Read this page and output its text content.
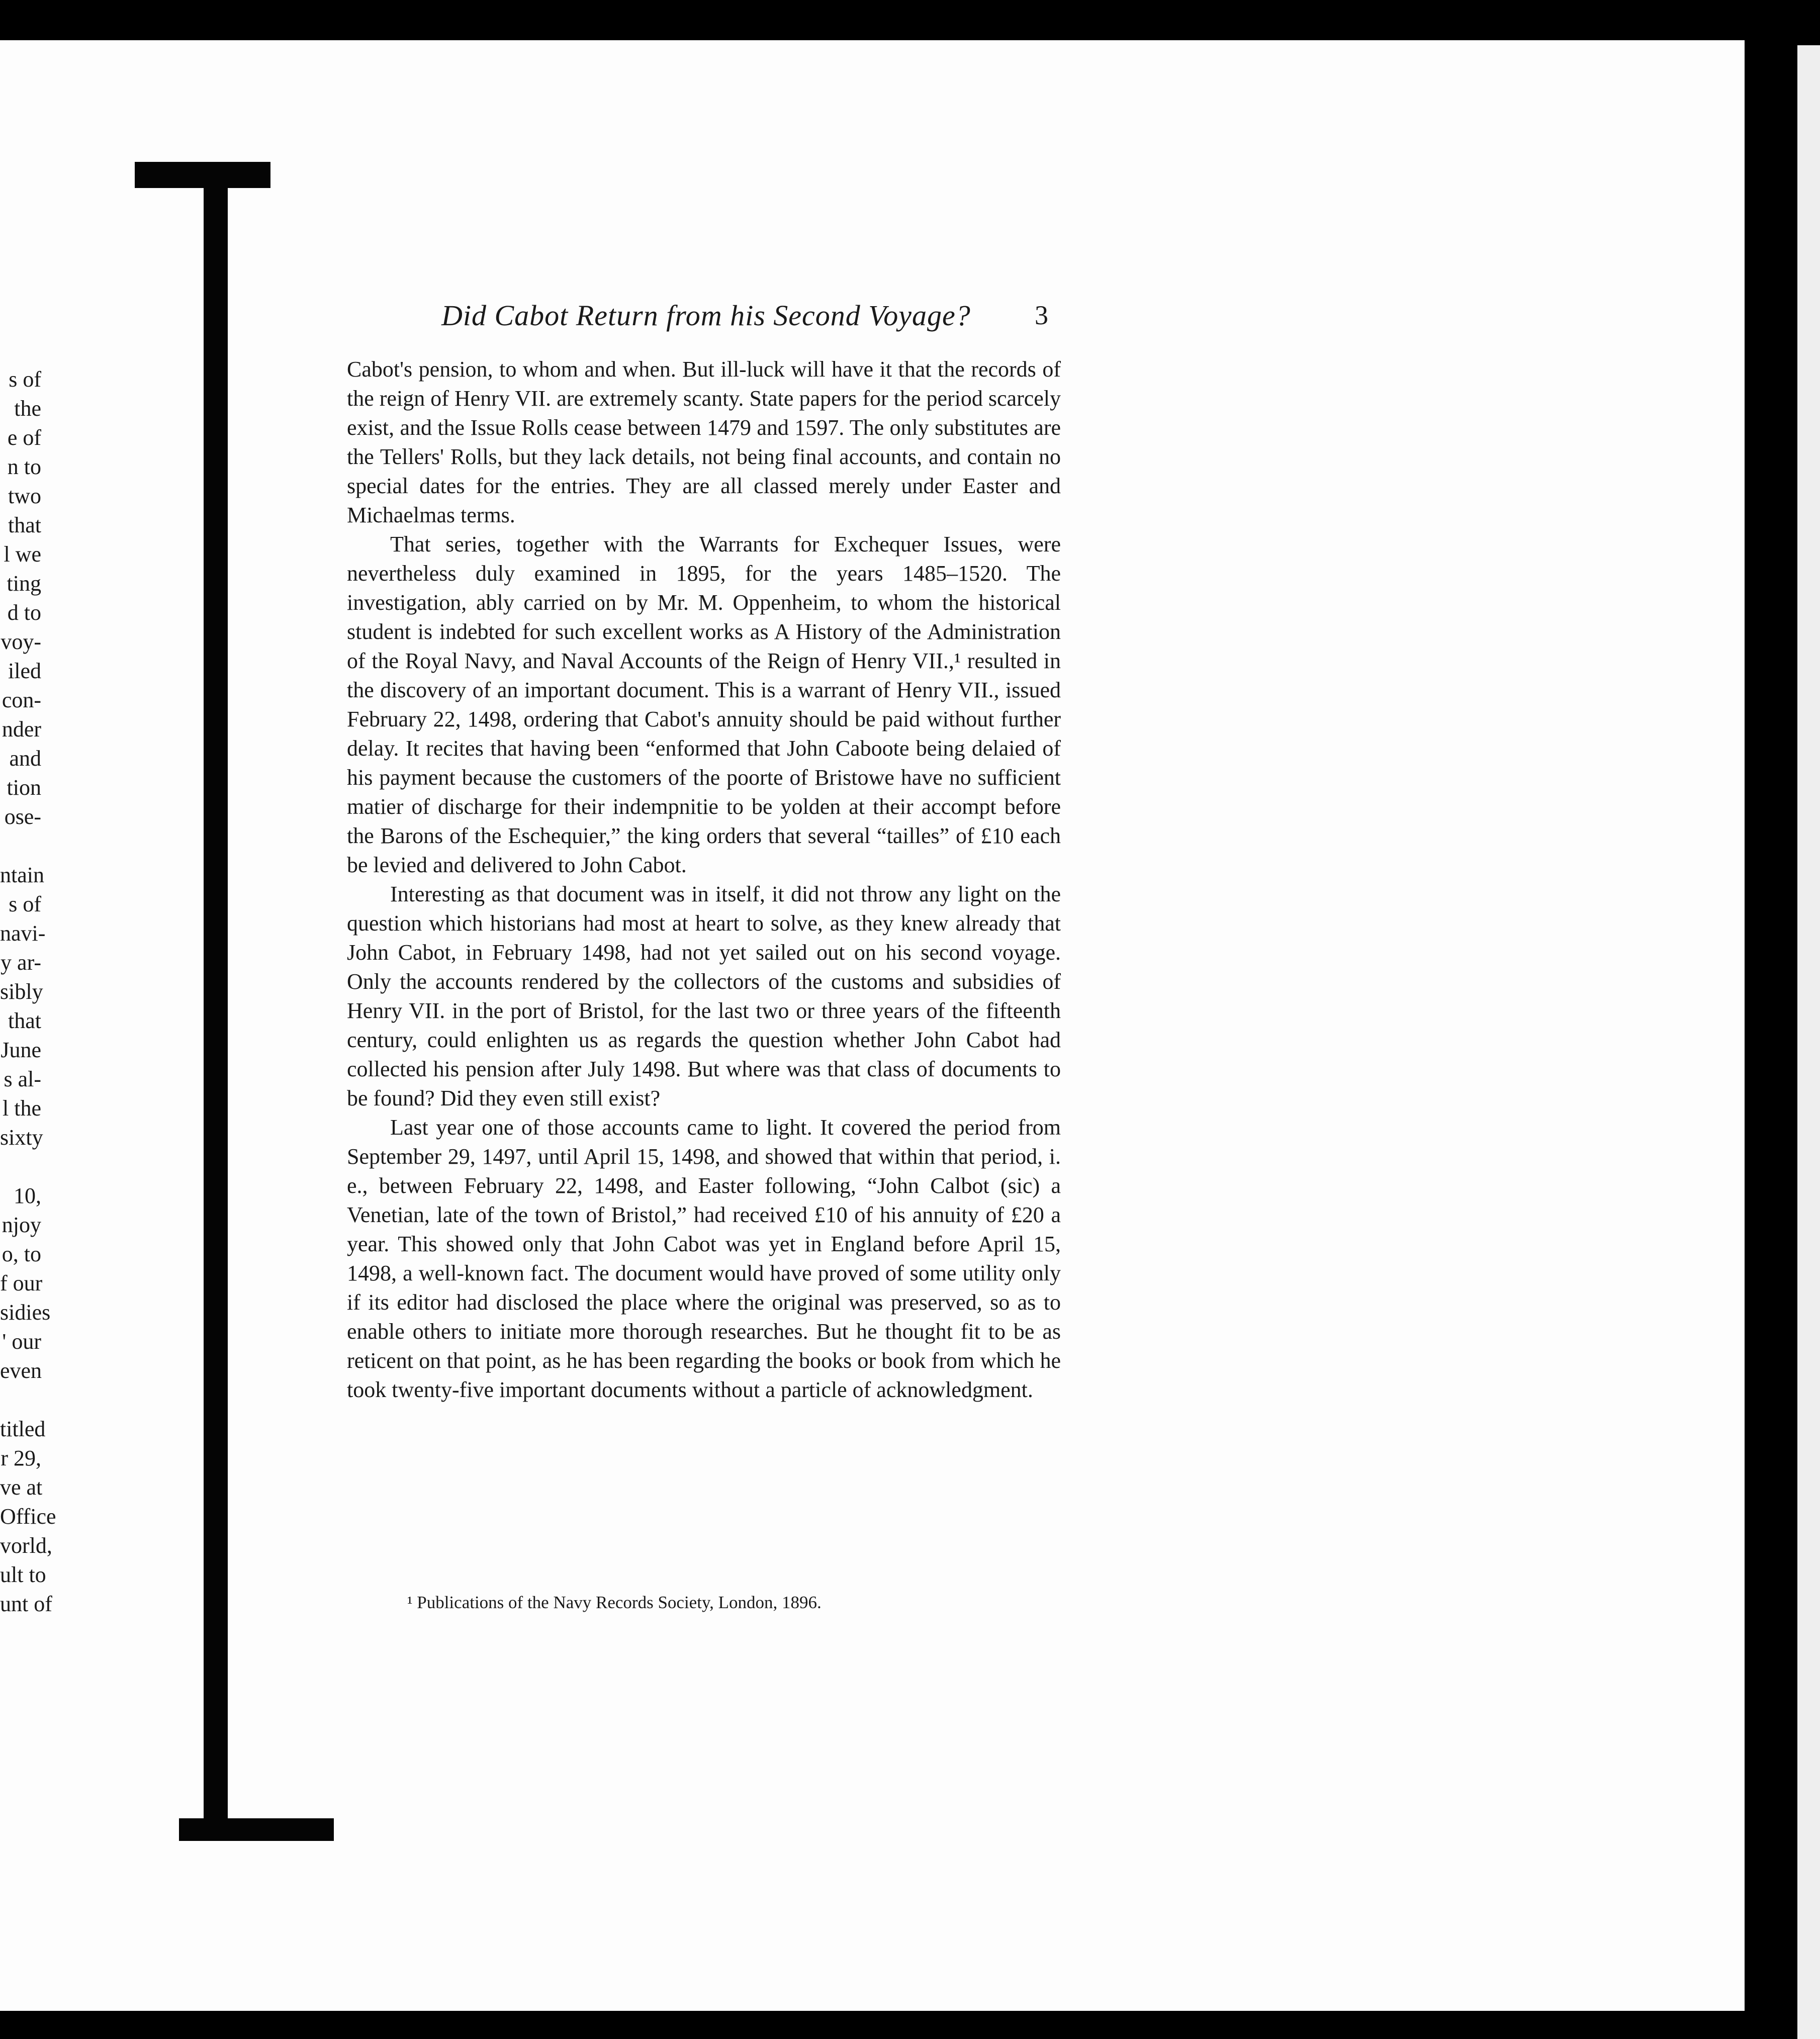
s of
the
e of
n to
two
that
l we
ting
d to
voy-
iled
con-
nder
and
tion
ose-
ntain
s of
navi-
y ar-
sibly
that
June
s al-
l the
sixty
10,
njoy
o, to
f our
sidies
' our
even
titled
r 29,
ve at
Office
vorld,
ult to
unt of
Did Cabot Return from his Second Voyage? 3

Cabot's pension, to whom and when. But ill-luck will have it that the records of the reign of Henry VII. are extremely scanty. State papers for the period scarcely exist, and the Issue Rolls cease between 1479 and 1597. The only substitutes are the Tellers' Rolls, but they lack details, not being final accounts, and contain no special dates for the entries. They are all classed merely under Easter and Michaelmas terms.

That series, together with the Warrants for Exchequer Issues, were nevertheless duly examined in 1895, for the years 1485–1520. The investigation, ably carried on by Mr. M. Oppenheim, to whom the historical student is indebted for such excellent works as A History of the Administration of the Royal Navy, and Naval Accounts of the Reign of Henry VII.,¹ resulted in the discovery of an important document. This is a warrant of Henry VII., issued February 22, 1498, ordering that Cabot's annuity should be paid without further delay. It recites that having been “enformed that John Caboote being delaied of his payment because the customers of the poorte of Bristowe have no sufficient matier of discharge for their indempnitie to be yolden at their accompt before the Barons of the Eschequier,” the king orders that several “tailles” of £10 each be levied and delivered to John Cabot.

Interesting as that document was in itself, it did not throw any light on the question which historians had most at heart to solve, as they knew already that John Cabot, in February 1498, had not yet sailed out on his second voyage. Only the accounts rendered by the collectors of the customs and subsidies of Henry VII. in the port of Bristol, for the last two or three years of the fifteenth century, could enlighten us as regards the question whether John Cabot had collected his pension after July 1498. But where was that class of documents to be found? Did they even still exist?

Last year one of those accounts came to light. It covered the period from September 29, 1497, until April 15, 1498, and showed that within that period, i. e., between February 22, 1498, and Easter following, “John Calbot (sic) a Venetian, late of the town of Bristol,” had received £10 of his annuity of £20 a year. This showed only that John Cabot was yet in England before April 15, 1498, a well-known fact. The document would have proved of some utility only if its editor had disclosed the place where the original was preserved, so as to enable others to initiate more thorough researches. But he thought fit to be as reticent on that point, as he has been regarding the books or book from which he took twenty-five important documents without a particle of acknowledgment.

¹ Publications of the Navy Records Society, London, 1896.
